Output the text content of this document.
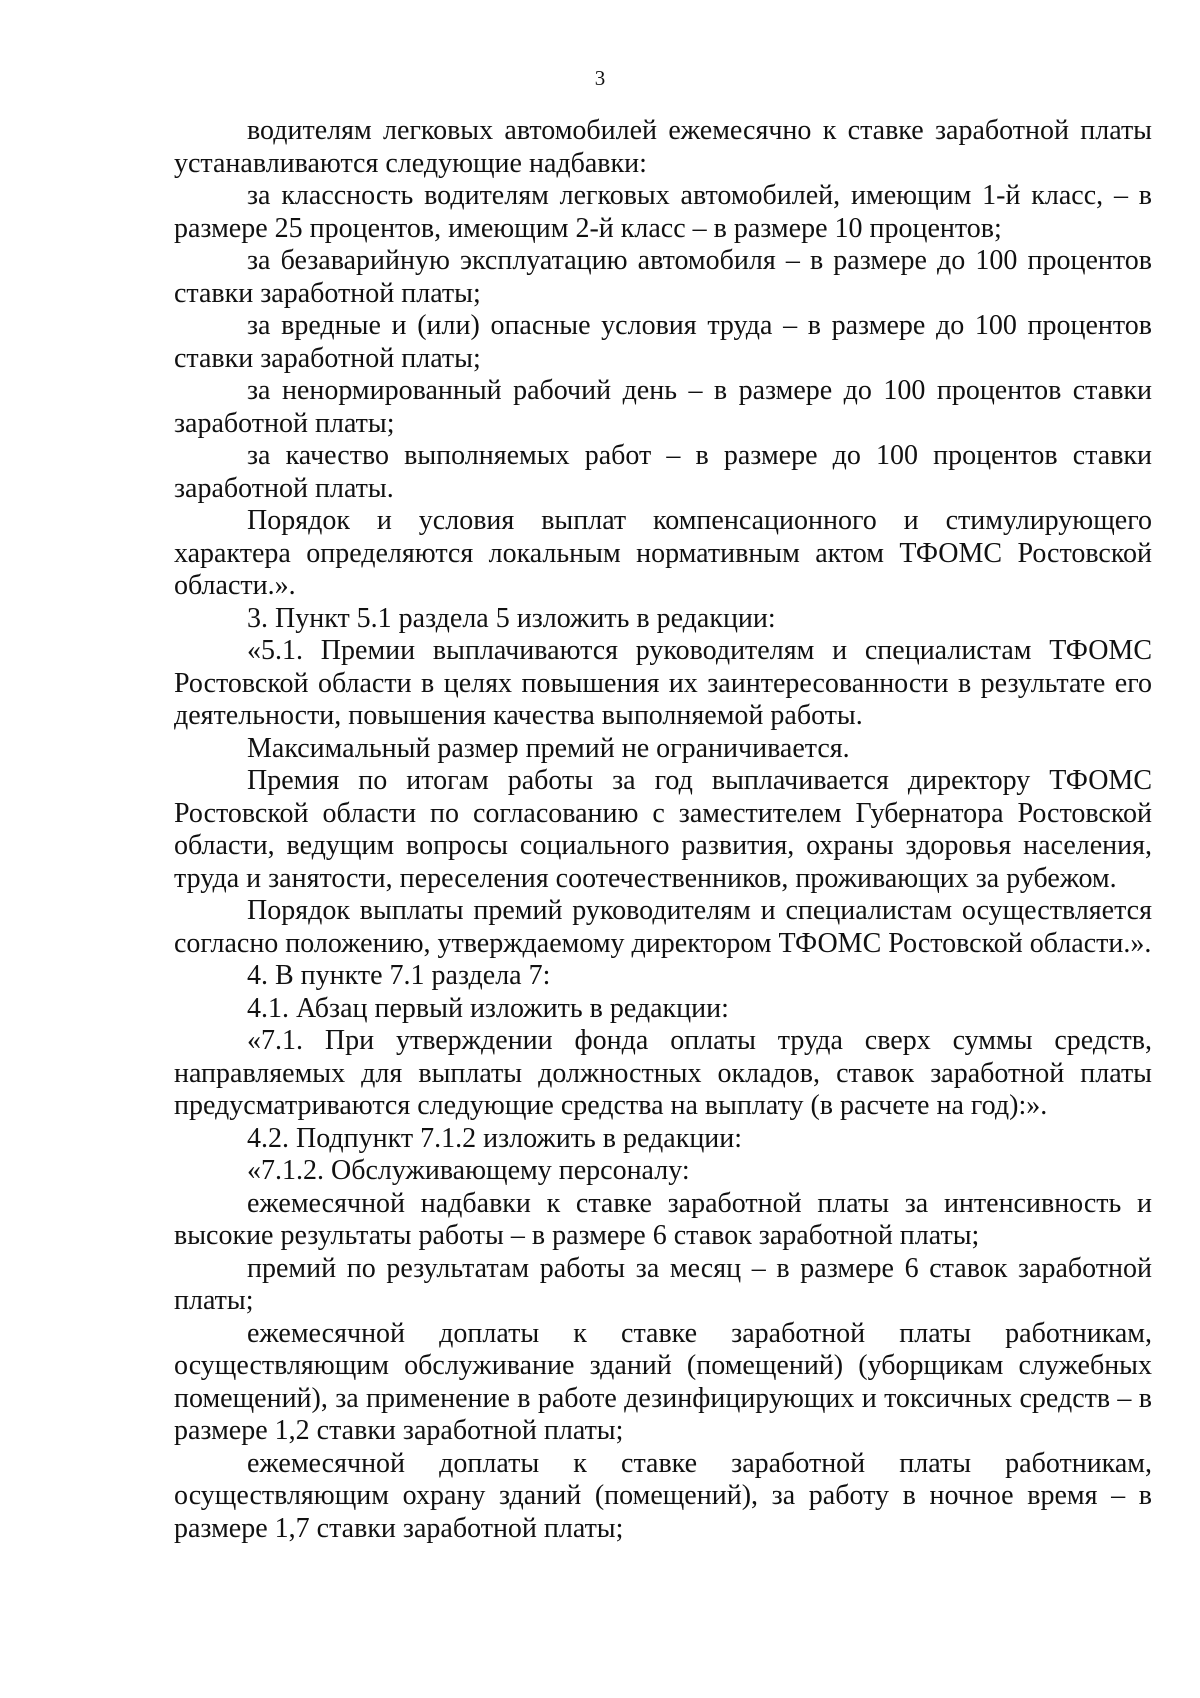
3

водителям легковых автомобилей ежемесячно к ставке заработной платы устанавливаются следующие надбавки:

за классность водителям легковых автомобилей, имеющим 1-й класс, – в размере 25 процентов, имеющим 2-й класс – в размере 10 процентов;

за безаварийную эксплуатацию автомобиля – в размере до 100 процентов ставки заработной платы;

за вредные и (или) опасные условия труда – в размере до 100 процентов ставки заработной платы;

за ненормированный рабочий день – в размере до 100 процентов ставки заработной платы;

за качество выполняемых работ – в размере до 100 процентов ставки заработной платы.

Порядок и условия выплат компенсационного и стимулирующего характера определяются локальным нормативным актом ТФОМС Ростовской области.».

3. Пункт 5.1 раздела 5 изложить в редакции:

«5.1. Премии выплачиваются руководителям и специалистам ТФОМС Ростовской области в целях повышения их заинтересованности в результате его деятельности, повышения качества выполняемой работы.

Максимальный размер премий не ограничивается.

Премия по итогам работы за год выплачивается директору ТФОМС Ростовской области по согласованию с заместителем Губернатора Ростовской области, ведущим вопросы социального развития, охраны здоровья населения, труда и занятости, переселения соотечественников, проживающих за рубежом.

Порядок выплаты премий руководителям и специалистам осуществляется согласно положению, утверждаемому директором ТФОМС Ростовской области.».

4. В пункте 7.1 раздела 7:

4.1. Абзац первый изложить в редакции:

«7.1. При утверждении фонда оплаты труда сверх суммы средств, направляемых для выплаты должностных окладов, ставок заработной платы предусматриваются следующие средства на выплату (в расчете на год):».

4.2. Подпункт 7.1.2 изложить в редакции:

«7.1.2. Обслуживающему персоналу:

ежемесячной надбавки к ставке заработной платы за интенсивность и высокие результаты работы – в размере 6 ставок заработной платы;

премий по результатам работы за месяц – в размере 6 ставок заработной платы;

ежемесячной доплаты к ставке заработной платы работникам, осуществляющим обслуживание зданий (помещений) (уборщикам служебных помещений), за применение в работе дезинфицирующих и токсичных средств – в размере 1,2 ставки заработной платы;

ежемесячной доплаты к ставке заработной платы работникам, осуществляющим охрану зданий (помещений), за работу в ночное время – в размере 1,7 ставки заработной платы;
